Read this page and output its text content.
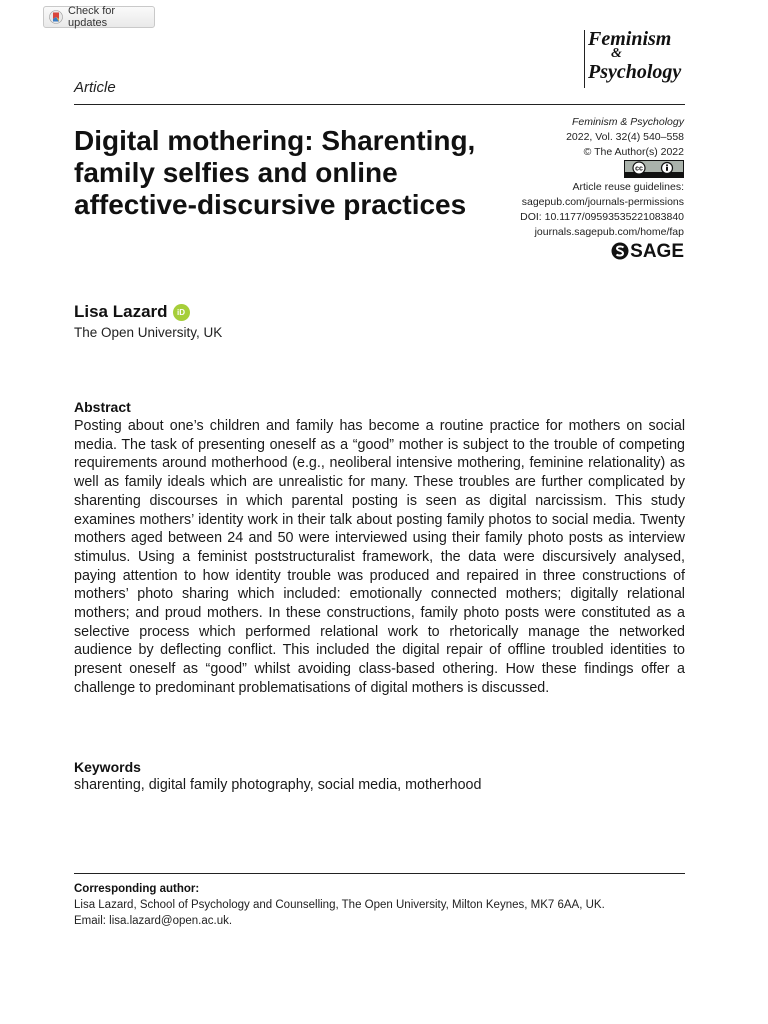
Check for updates
Feminism
&
Psychology
Article
Digital mothering: Sharenting, family selfies and online affective-discursive practices
Feminism & Psychology
2022, Vol. 32(4) 540–558
© The Author(s) 2022
cc
Article reuse guidelines:
sagepub.com/journals-permissions
DOI: 10.1177/09593535221083840
journals.sagepub.com/home/fap
SAGE
Lisa Lazard	iD
The Open University, UK
Abstract
Posting about one’s children and family has become a routine practice for mothers on social media. The task of presenting oneself as a “good” mother is subject to the trouble of competing requirements around motherhood (e.g., neoliberal intensive mothering, feminine relationality) as well as family ideals which are unrealistic for many. These troubles are further complicated by sharenting discourses in which parental posting is seen as digital narcissism. This study examines mothers’ identity work in their talk about posting family photos to social media. Twenty mothers aged between 24 and 50 were interviewed using their family photo posts as interview stimulus. Using a feminist poststructuralist framework, the data were discursively analysed, paying attention to how identity trouble was produced and repaired in three constructions of mothers’ photo sharing which included: emotionally connected mothers; digitally relational mothers; and proud mothers. In these constructions, family photo posts were constituted as a selective process which performed relational work to rhetorically manage the networked audience by deflecting conflict. This included the digital repair of offline troubled identities to present oneself as “good” whilst avoiding class-based othering. How these findings offer a challenge to predominant problematisations of digital mothers is discussed.
Keywords
sharenting, digital family photography, social media, motherhood
Corresponding author:
Lisa Lazard, School of Psychology and Counselling, The Open University, Milton Keynes, MK7 6AA, UK.
Email: lisa.lazard@open.ac.uk.
